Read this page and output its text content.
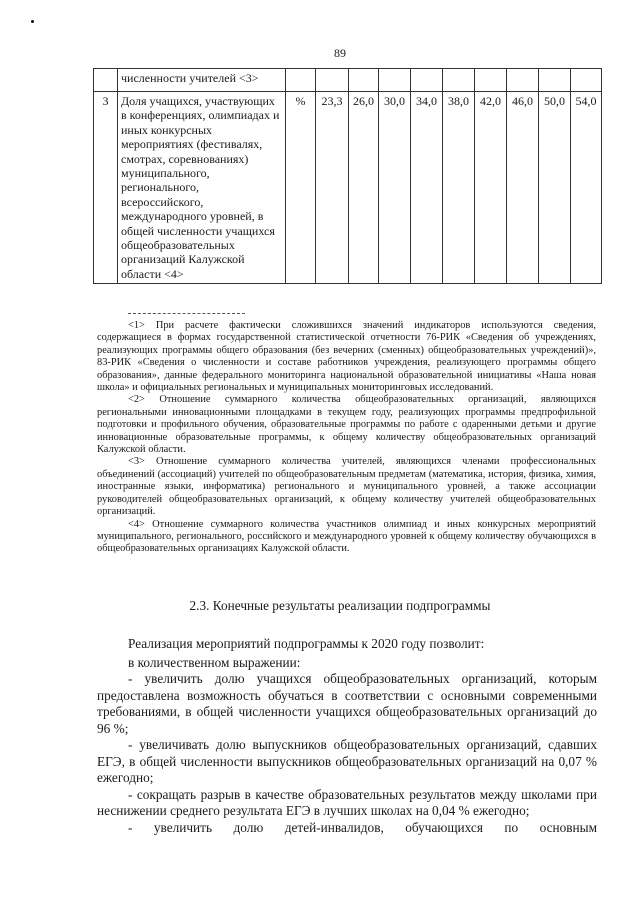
89
	численности учителей <3>										
3	Доля учащихся, участвующих в конференциях, олимпиадах и иных конкурсных мероприятиях (фестивалях, смотрах, соревнованиях) муниципального, регионального, всероссийского, международного уровней, в общей численности учащихся общеобразовательных организаций Калужской области <4>	%	23,3	26,0	30,0	34,0	38,0	42,0	46,0	50,0	54,0

<1> При расчете фактически сложившихся значений индикаторов используются сведения, содержащиеся в формах государственной статистической отчетности 76-РИК «Сведения об учреждениях, реализующих программы общего образования (без вечерних (сменных) общеобразовательных учреждений)», 83-РИК «Сведения о численности и составе работников учреждения, реализующего программы общего образования», данные федерального мониторинга национальной образовательной инициативы «Наша новая школа» и официальных региональных и муниципальных мониторинговых исследований.

<2> Отношение суммарного количества общеобразовательных организаций, являющихся региональными инновационными площадками в текущем году, реализующих программы предпрофильной подготовки и профильного обучения, образовательные программы по работе с одаренными детьми и другие инновационные образовательные программы, к общему количеству общеобразовательных организаций Калужской области.

<3> Отношение суммарного количества учителей, являющихся членами профессиональных объединений (ассоциаций) учителей по общеобразовательным предметам (математика, история, физика, химия, иностранные языки, информатика) регионального и муниципального уровней, а также ассоциации руководителей общеобразовательных организаций, к общему количеству учителей общеобразовательных организаций.

<4> Отношение суммарного количества участников олимпиад и иных конкурсных мероприятий муниципального, регионального, российского и международного уровней к общему количеству обучающихся в общеобразовательных организациях Калужской области.

2.3. Конечные результаты реализации подпрограммы

Реализация мероприятий подпрограммы к 2020 году позволит:

в количественном выражении:

- увеличить долю учащихся общеобразовательных организаций, которым предоставлена возможность обучаться в соответствии с основными современными требованиями, в общей численности учащихся общеобразовательных организаций до 96 %;

- увеличивать долю выпускников общеобразовательных организаций, сдавших ЕГЭ, в общей численности выпускников общеобразовательных организаций на 0,07 % ежегодно;

- сокращать разрыв в качестве образовательных результатов между школами при неснижении среднего результата ЕГЭ в лучших школах на 0,04 % ежегодно;

- увеличить долю детей-инвалидов, обучающихся по основным
